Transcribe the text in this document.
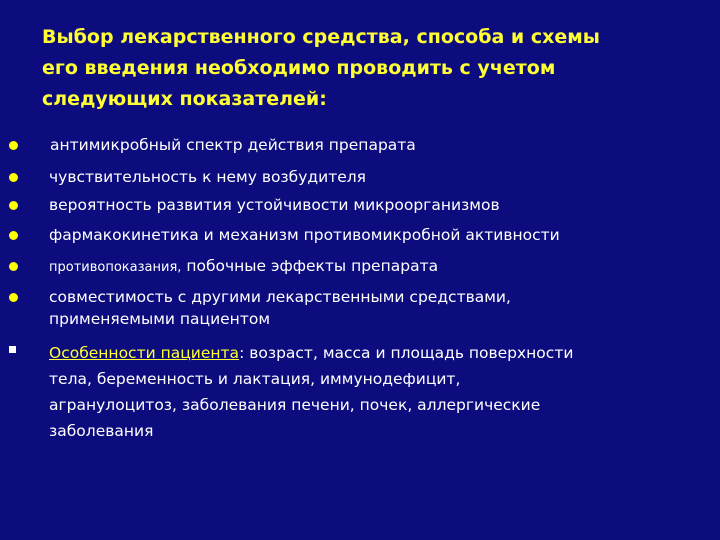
Выбор лекарственного средства, способа и схемы
его введения необходимо проводить с учетом
следующих показателей:
антимикробный спектр действия препарата
чувствительность к нему возбудителя
вероятность развития устойчивости микроорганизмов
фармакокинетика и механизм противомикробной активности
противопоказания, побочные эффекты препарата
совместимость с другими лекарственными средствами,
применяемыми пациентом
Особенности пациента: возраст, масса и площадь поверхности
тела, беременность и лактация, иммунодефицит,
агранулоцитоз, заболевания печени, почек, аллергические
заболевания
